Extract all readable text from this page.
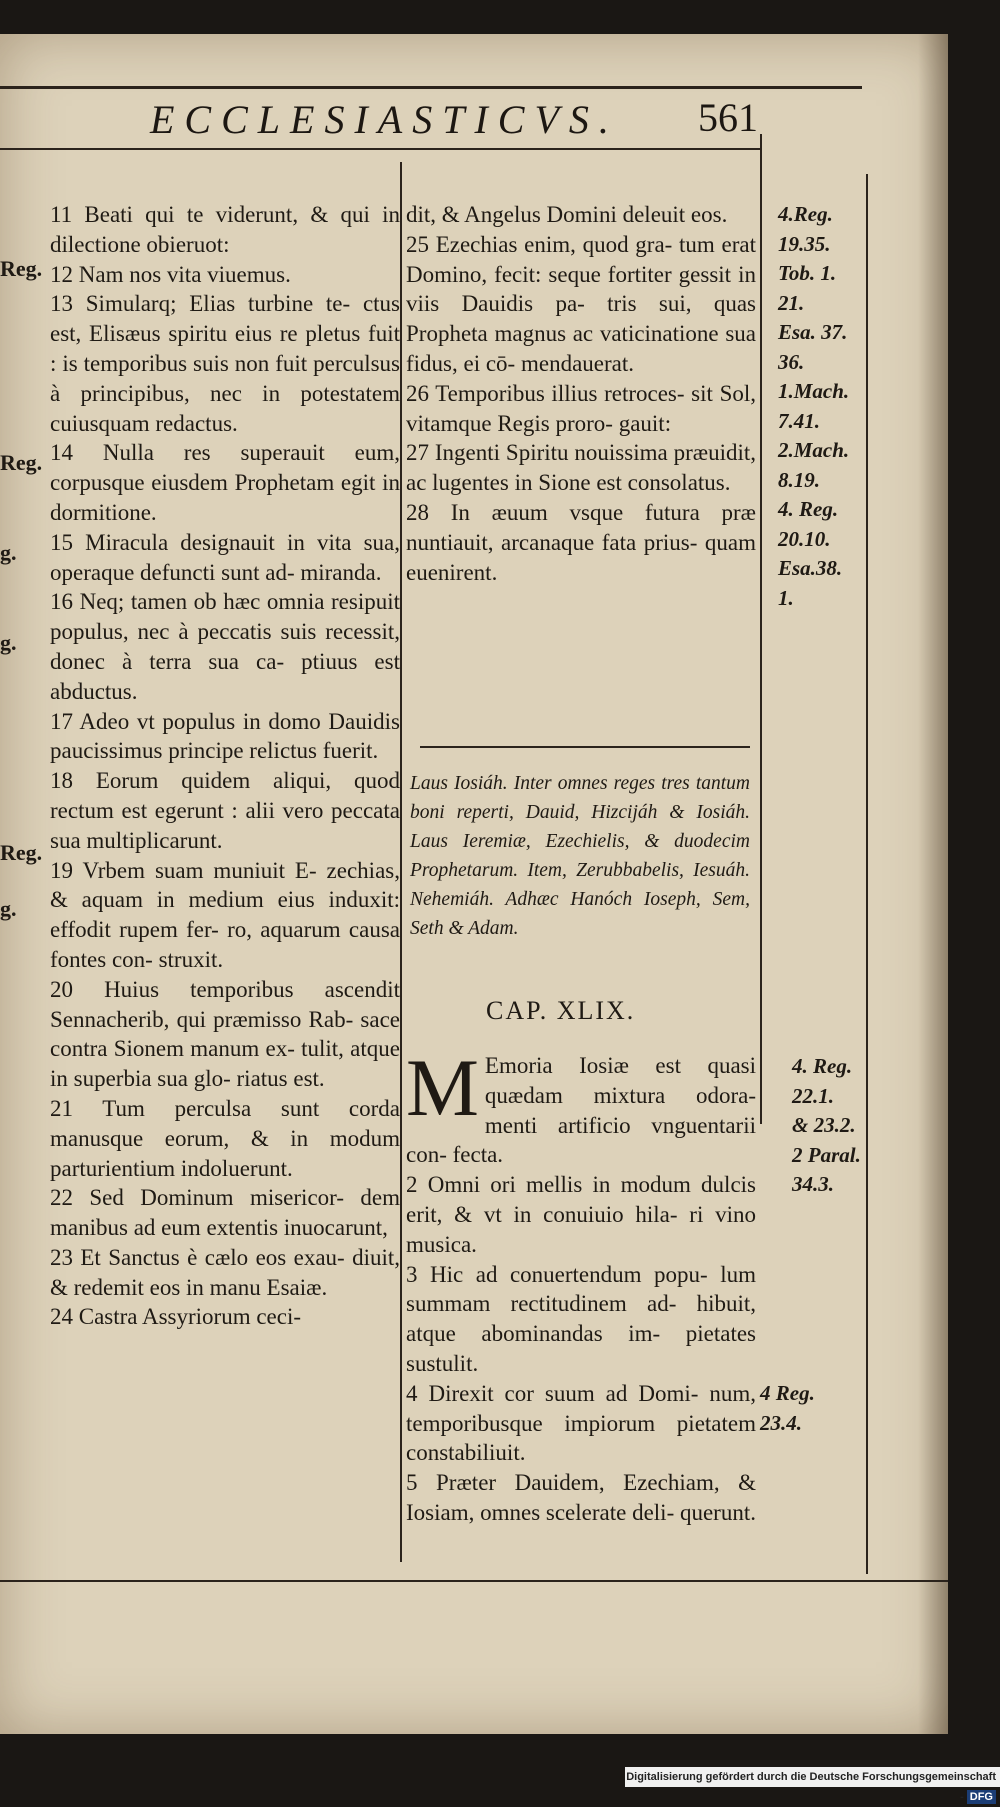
ECCLESIASTICVS. 561
Reg.
Reg.
g.
g.
Reg.
g.

11 Beati qui te viderunt, & qui in dilectione obieruot:

12 Nam nos vita viuemus.

13 Simularq; Elias turbine te- ctus est, Elisæus spiritu eius re pletus fuit : is temporibus suis non fuit perculsus à principibus, nec in potestatem cuiusquam redactus.

14 Nulla res superauit eum, corpusque eiusdem Prophetam egit in dormitione.

15 Miracula designauit in vita sua, operaque defuncti sunt ad- miranda.

16 Neq; tamen ob hæc omnia resipuit populus, nec à peccatis suis recessit, donec à terra sua ca- ptiuus est abductus.

17 Adeo vt populus in domo Dauidis paucissimus principe relictus fuerit.

18 Eorum quidem aliqui, quod rectum est egerunt : alii vero peccata sua multiplicarunt.

19 Vrbem suam muniuit E- zechias, & aquam in medium eius induxit: effodit rupem fer- ro, aquarum causa fontes con- struxit.

20 Huius temporibus ascendit Sennacherib, qui præmisso Rab- sace contra Sionem manum ex- tulit, atque in superbia sua glo- riatus est.

21 Tum perculsa sunt corda manusque eorum, & in modum parturientium indoluerunt.

22 Sed Dominum misericor- dem manibus ad eum extentis inuocarunt,

23 Et Sanctus è cælo eos exau- diuit, & redemit eos in manu Esaiæ.

24 Castra Assyriorum ceci-

dit, & Angelus Domini deleuit eos.

25 Ezechias enim, quod gra- tum erat Domino, fecit: seque fortiter gessit in viis Dauidis pa- tris sui, quas Propheta magnus ac vaticinatione sua fidus, ei cō- mendauerat.

26 Temporibus illius retroces- sit Sol, vitamque Regis proro- gauit:

27 Ingenti Spiritu nouissima præuidit, ac lugentes in Sione est consolatus.

28 In æuum vsque futura præ nuntiauit, arcanaque fata prius- quam euenirent.

Laus Iosiáh. Inter omnes reges tres tantum boni reperti, Dauid, Hizcijáh & Iosiáh. Laus Ieremiæ, Ezechielis, & duodecim Prophetarum. Item, Zerubbabelis, Iesuáh. Nehemiáh. Adhæc Hanóch Ioseph, Sem, Seth & Adam.
CAP. XLIX.

M Emoria Iosiæ est quasi quædam mixtura odora- menti artificio vnguentarii con- fecta.

2 Omni ori mellis in modum dulcis erit, & vt in conuiuio hila- ri vino musica.

3 Hic ad conuertendum popu- lum summam rectitudinem ad- hibuit, atque abominandas im- pietates sustulit.

4 Direxit cor suum ad Domi- num, temporibusque impiorum pietatem constabiliuit.

5 Præter Dauidem, Ezechiam, & Iosiam, omnes scelerate deli- querunt.

4.Reg.
19.35.
Tob. 1.
21.
Esa. 37.
36.
1.Mach.
7.41.
2.Mach.
8.19.
4. Reg.
20.10.
Esa.38.
1.
4. Reg.
22.1.
& 23.2.
2 Paral.
34.3.
4 Reg.
23.4.
Digitalisierung gefördert durch die Deutsche Forschungsgemeinschaft - DFG
